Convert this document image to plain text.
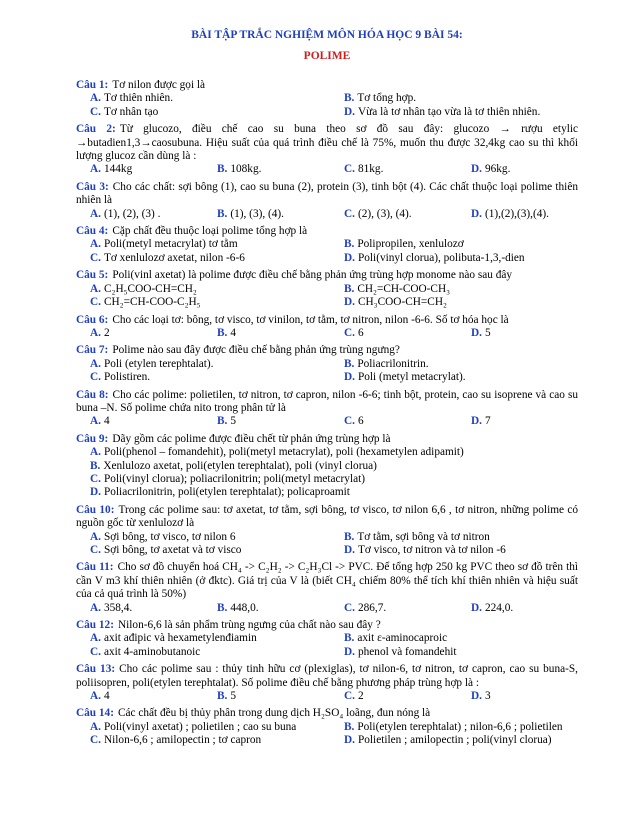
BÀI TẬP TRẮC NGHIỆM MÔN HÓA HỌC 9 BÀI 54:
POLIME
Câu 1: Tơ nilon được gọi là
A. Tơ thiên nhiên.	B. Tơ tổng hợp.
C. Tơ nhân tạo	D. Vừa là tơ nhân tạo vừa là tơ thiên nhiên.
Câu 2: Từ glucozo, điều chế cao su buna theo sơ đồ sau đây: glucozo → rượu etylic →butadien1,3→caosubuna. Hiệu suất của quá trình điều chế là 75%, muốn thu được 32,4kg cao su thì khối lượng glucoz cần dùng là :
A. 144kg	B. 108kg.	C. 81kg.	D. 96kg.
Câu 3: Cho các chất: sợi bông (1), cao su buna (2), protein (3), tinh bột (4). Các chất thuộc loại polime thiên nhiên là
A. (1), (2), (3) .	B. (1), (3), (4).	C. (2), (3), (4).	D. (1),(2),(3),(4).
Câu 4: Cặp chất đều thuộc loại polime tổng hợp là
A. Poli(metyl metacrylat) tơ tằm	B. Polipropilen, xenlulozơ
C. Tơ xenlulozơ axetat, nilon -6-6	D. Poli(vinyl clorua), polibuta-1,3,-dien
Câu 5: Poli(vinl axetat) là polime được điều chế bằng phản ứng trùng hợp monome nào sau đây
A. C₂H₅COO-CH=CH₂	B. CH₂=CH-COO-CH₃
C. CH₂=CH-COO-C₂H₅	D. CH₃COO-CH=CH₂
Câu 6: Cho các loại tơ: bông, tơ visco, tơ vinilon, tơ tằm, tơ nitron, nilon -6-6. Số tơ hóa học là
A. 2	B. 4	C. 6	D. 5
Câu 7: Polime nào sau đây được điều chế bằng phản ứng trùng ngưng?
A. Poli (etylen terephtalat).	B. Poliacrilonitrin.
C. Polistiren.	D. Poli (metyl metacrylat).
Câu 8: Cho các polime: polietilen, tơ nitron, tơ capron, nilon -6-6; tinh bột, protein, cao su isoprene và cao su buna –N. Số polime chứa nito trong phân tử là
A. 4	B. 5	C. 6	D. 7
Câu 9: Dãy gồm các polime được điều chết từ phản ứng trùng hợp là
A. Poli(phenol – fomandehit), poli(metyl metacrylat), poli (hexametylen adipamit)
B. Xenlulozo axetat, poli(etylen terephtalat), poli (vinyl clorua)
C. Poli(vinyl clorua); poliacrilonitrin; poli(metyl metacrylat)
D. Poliacrilonitrin, poli(etylen terephtalat); policaproamit
Câu 10: Trong các polime sau: tơ axetat, tơ tằm, sợi bông, tơ visco, tơ nilon 6,6 , tơ nitron, những polime có nguồn gốc từ xenlulozơ là
A. Sợi bông, tơ visco, tơ nilon 6	B. Tơ tằm, sợi bông và tơ nitron
C. Sợi bông, tơ axetat và tơ visco	D. Tơ visco, tơ nitron và tơ nilon -6
Câu 11: Cho sơ đồ chuyển hoá CH₄ -> C₂H₂ -> C₂H₃Cl -> PVC. Để tổng hợp 250 kg PVC theo sơ đồ trên thì cần V m3 khí thiên nhiên (ở đktc). Giá trị của V là (biết CH₄ chiếm 80% thể tích khí thiên nhiên và hiệu suất của cả quá trình là 50%)
A. 358,4.	B. 448,0.	C. 286,7.	D. 224,0.
Câu 12: Nilon-6,6 là sản phẩm trùng ngưng của chất nào sau đây ?
A. axit ađipic và hexametylenđiamin	B. axit ε-aminocaproic
C. axit 4-aminobutanoic	D. phenol và fomandehit
Câu 13: Cho các polime sau : thủy tinh hữu cơ (plexiglas), tơ nilon-6, tơ nitron, tơ capron, cao su buna-S, poliisopren, poli(etylen terephtalat). Số polime điều chế bằng phương pháp trùng hợp là :
A. 4	B. 5	C. 2	D. 3
Câu 14: Các chất đều bị thủy phân trong dung dịch H₂SO₄ loãng, đun nóng là
A. Poli(vinyl axetat) ; polietilen ; cao su buna	B. Poli(etylen terephtalat) ; nilon-6,6 ; polietilen
C. Nilon-6,6 ; amilopectin ; tơ capron	D. Polietilen ; amilopectin ; poli(vinyl clorua)
